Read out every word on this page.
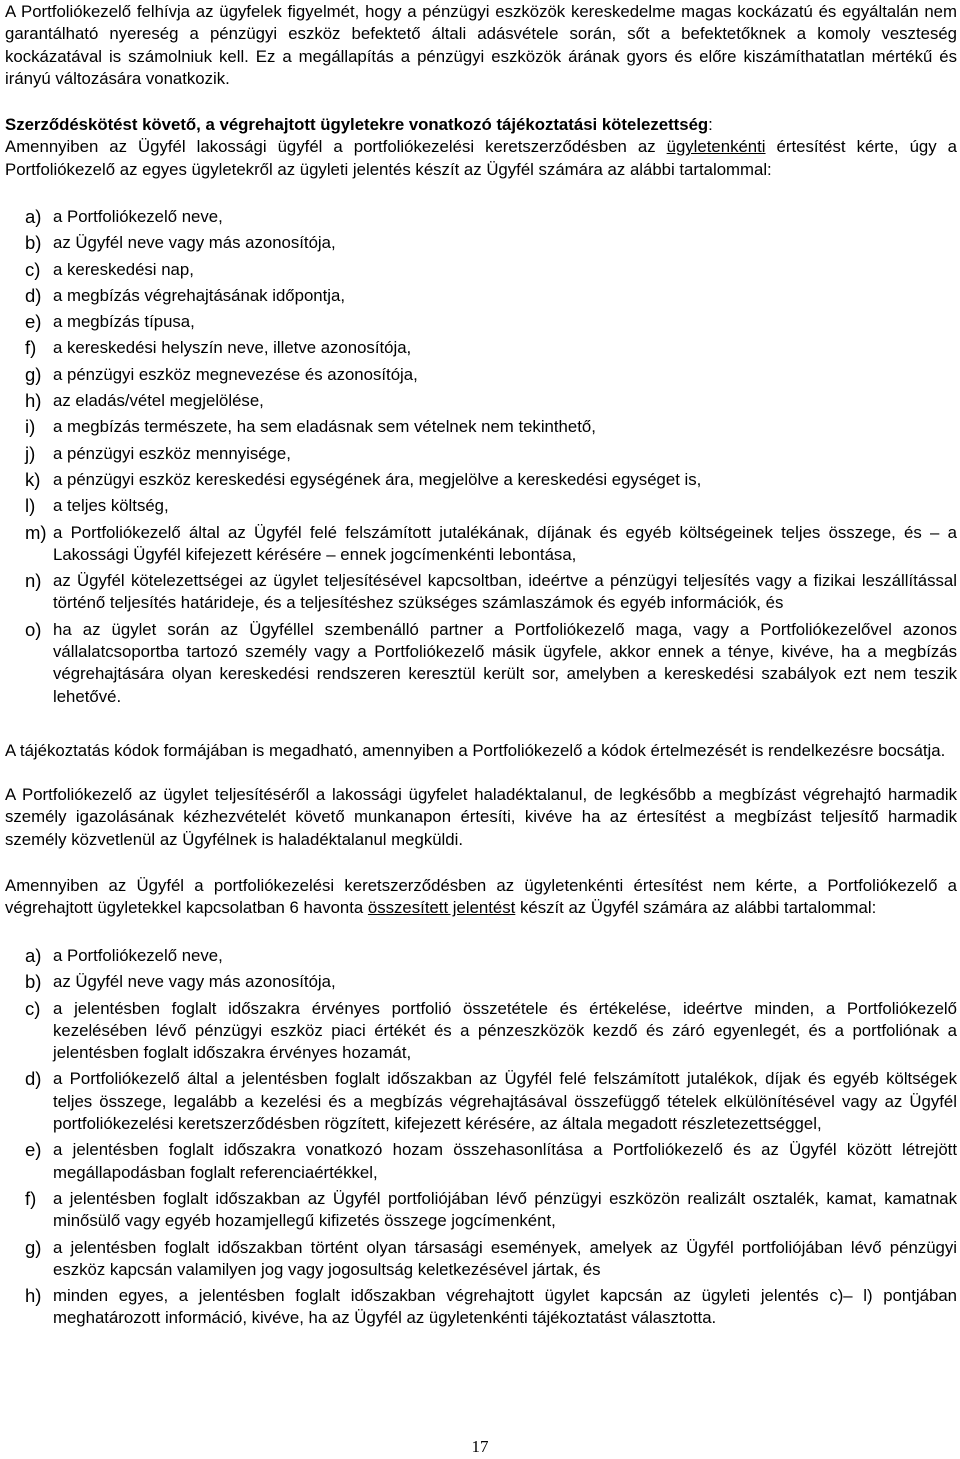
A Portfoliókezelő felhívja az ügyfelek figyelmét, hogy a pénzügyi eszközök kereskedelme magas kockázatú és egyáltalán nem garantálható nyereség a pénzügyi eszköz befektető általi adásvétele során, sőt a befektetőknek a komoly veszteség kockázatával is számolniuk kell. Ez a megállapítás a pénzügyi eszközök árának gyors és előre kiszámíthatatlan mértékű és irányú változására vonatkozik.

Szerződéskötést követő, a végrehajtott ügyletekre vonatkozó tájékoztatási kötelezettség:
Amennyiben az Ügyfél lakossági ügyfél a portfoliókezelési keretszerződésben az ügyletenkénti értesítést kérte, úgy a Portfoliókezelő az egyes ügyletekről az ügyleti jelentés készít az Ügyfél számára az alábbi tartalommal:

a) a Portfoliókezelő neve,
b) az Ügyfél neve vagy más azonosítója,
c) a kereskedési nap,
d) a megbízás végrehajtásának időpontja,
e) a megbízás típusa,
f) a kereskedési helyszín neve, illetve azonosítója,
g) a pénzügyi eszköz megnevezése és azonosítója,
h) az eladás/vétel megjelölése,
i)	a megbízás természete, ha sem eladásnak sem vételnek nem tekinthető,
j)	a pénzügyi eszköz mennyisége,
k) a pénzügyi eszköz kereskedési egységének ára, megjelölve a kereskedési egységet is,
l)	a teljes költség,
m) a Portfoliókezelő által az Ügyfél felé felszámított jutalékának, díjának és egyéb költségeinek teljes összege, és – a Lakossági Ügyfél kifejezett kérésére – ennek jogcímenkénti lebontása,
n) az Ügyfél kötelezettségei az ügylet teljesítésével kapcsoltban, ideértve a pénzügyi teljesítés vagy a fizikai leszállítással történő teljesítés határideje, és a teljesítéshez szükséges számlaszámok és egyéb információk, és
o) ha az ügylet során az Ügyféllel szembenálló partner a Portfoliókezelő maga, vagy a Portfoliókezelővel azonos vállalatcsoportba tartozó személy vagy a Portfoliókezelő másik ügyfele, akkor ennek a ténye, kivéve, ha a megbízás végrehajtására olyan kereskedési rendszeren keresztül került sor, amelyben a kereskedési szabályok ezt nem teszik lehetővé.

A tájékoztatás kódok formájában is megadható, amennyiben a Portfoliókezelő a kódok értelmezését is rendelkezésre bocsátja.

A Portfoliókezelő az ügylet teljesítéséről a lakossági ügyfelet haladéktalanul, de legkésőbb a megbízást végrehajtó harmadik személy igazolásának kézhezvételét követő munkanapon értesíti, kivéve ha az értesítést a megbízást teljesítő harmadik személy közvetlenül az Ügyfélnek is haladéktalanul megküldi.

Amennyiben az Ügyfél a portfoliókezelési keretszerződésben az ügyletenkénti értesítést nem kérte, a Portfoliókezelő a végrehajtott ügyletekkel kapcsolatban 6 havonta összesített jelentést készít az Ügyfél számára az alábbi tartalommal:

a) a Portfoliókezelő neve,
b) az Ügyfél neve vagy más azonosítója,
c) a jelentésben foglalt időszakra érvényes portfolió összetétele és értékelése, ideértve minden, a Portfoliókezelő kezelésében lévő pénzügyi eszköz piaci értékét és a pénzeszközök kezdő és záró egyenlegét, és a portfoliónak a jelentésben foglalt időszakra érvényes hozamát,
d) a Portfoliókezelő által a jelentésben foglalt időszakban az Ügyfél felé felszámított jutalékok, díjak és egyéb költségek teljes összege, legalább a kezelési és a megbízás végrehajtásával összefüggő tételek elkülönítésével vagy az Ügyfél portfoliókezelési keretszerződésben rögzített, kifejezett kérésére, az általa megadott részletezettséggel,
e) a jelentésben foglalt időszakra vonatkozó hozam összehasonlítása a Portfoliókezelő és az Ügyfél között létrejött megállapodásban foglalt referenciaértékkel,
f) a jelentésben foglalt időszakban az Ügyfél portfoliójában lévő pénzügyi eszközön realizált osztalék, kamat, kamatnak minősülő vagy egyéb hozamjellegű kifizetés összege jogcímenként,
g) a jelentésben foglalt időszakban történt olyan társasági események, amelyek az Ügyfél portfoliójában lévő pénzügyi eszköz kapcsán valamilyen jog vagy jogosultság keletkezésével jártak, és
h) minden egyes, a jelentésben foglalt időszakban végrehajtott ügylet kapcsán az ügyleti jelentés c)– l) pontjában meghatározott információ, kivéve, ha az Ügyfél az ügyletenkénti tájékoztatást választotta.
17
